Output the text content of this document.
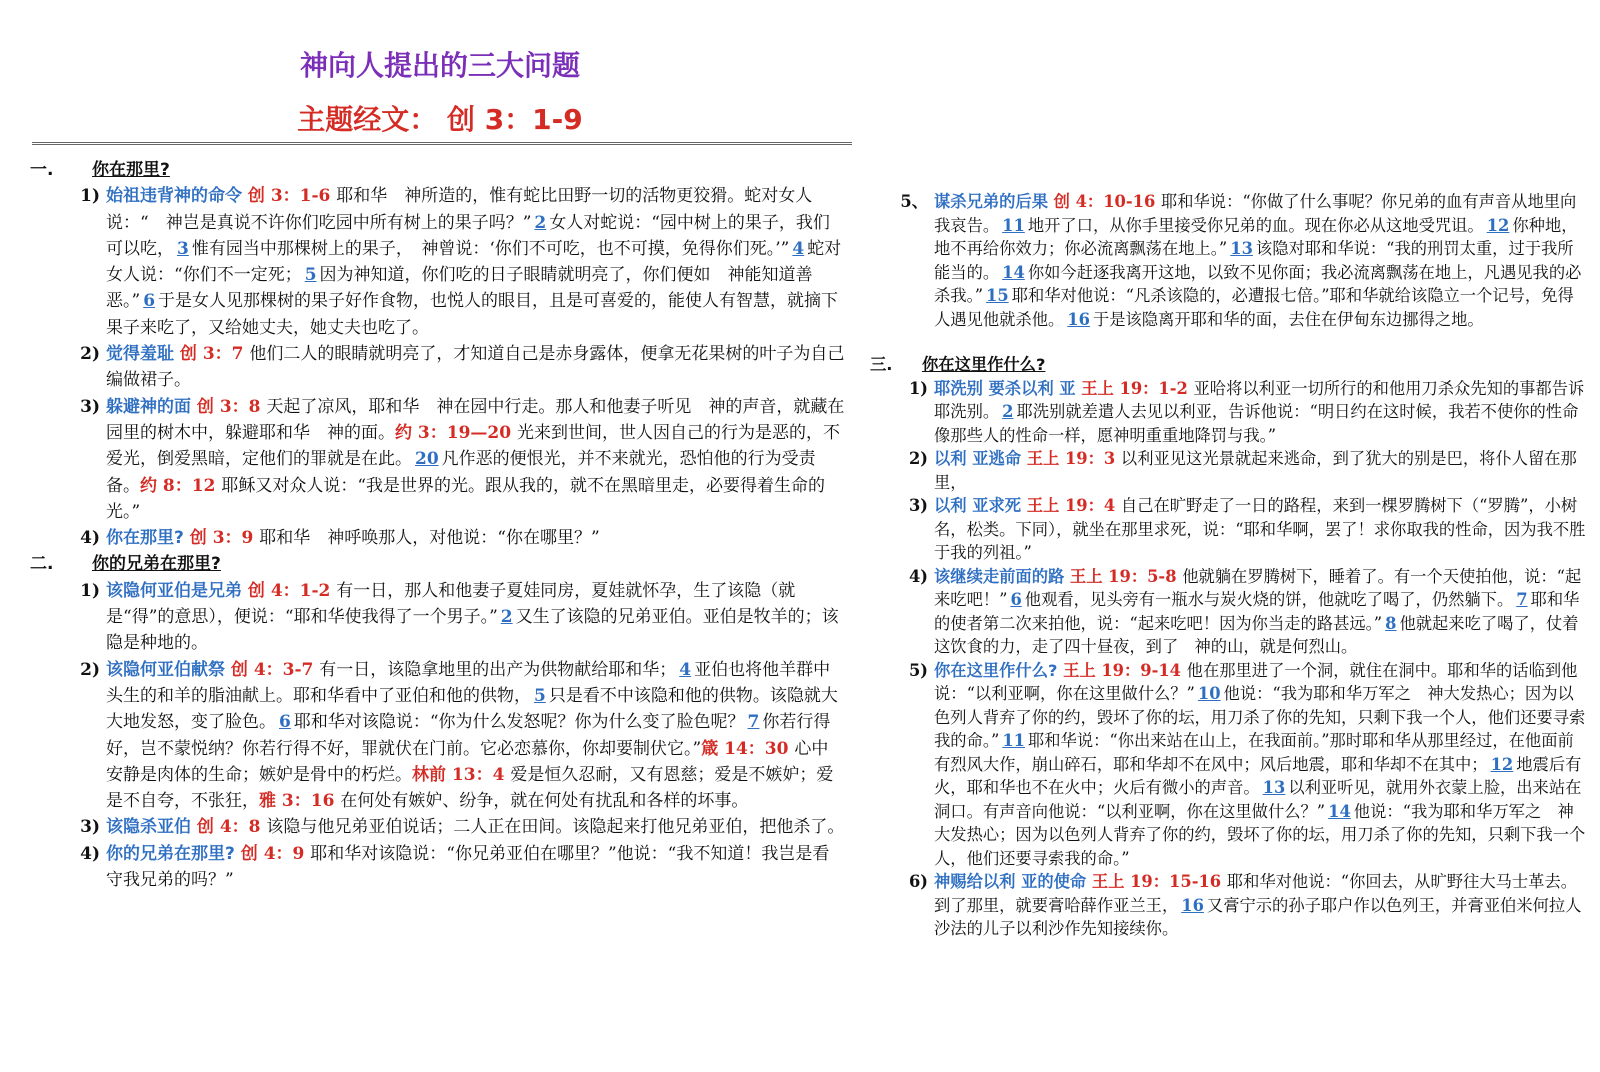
神向人提出的三大问题
主题经文： 创 3：1-9
一.	你在那里?
1) 始祖违背神的命令 创 3：1-6 耶和华　神所造的，惟有蛇比田野一切的活物更狡猾。蛇对女人说：“　神岂是真说不许你们吃园中所有树上的果子吗？” 2 女人对蛇说：“园中树上的果子，我们可以吃， 3 惟有园当中那棵树上的果子，　神曾说：‘你们不可吃，也不可摸，免得你们死。’” 4 蛇对女人说：“你们不一定死； 5 因为神知道，你们吃的日子眼睛就明亮了，你们便如　神能知道善恶。” 6 于是女人见那棵树的果子好作食物，也悦人的眼目，且是可喜爱的，能使人有智慧，就摘下果子来吃了，又给她丈夫，她丈夫也吃了。
2) 觉得羞耻 创 3：7 他们二人的眼睛就明亮了，才知道自己是赤身露体，便拿无花果树的叶子为自己编做裙子。
3) 躲避神的面 创 3：8 天起了凉风，耶和华　神在园中行走。那人和他妻子听见　神的声音，就藏在园里的树木中，躲避耶和华　神的面。约 3：19—20 光来到世间，世人因自己的行为是恶的，不爱光，倒爱黑暗，定他们的罪就是在此。 20 凡作恶的便恨光，并不来就光，恐怕他的行为受责备。约 8：12 耶稣又对众人说：“我是世界的光。跟从我的，就不在黑暗里走，必要得着生命的光。”
4) 你在那里? 创 3：9 耶和华　神呼唤那人，对他说：“你在哪里？”
二.	你的兄弟在那里?
1) 该隐何亚伯是兄弟 创 4：1-2 有一日，那人和他妻子夏娃同房，夏娃就怀孕，生了该隐（就是“得”的意思），便说：“耶和华使我得了一个男子。” 2 又生了该隐的兄弟亚伯。亚伯是牧羊的；该隐是种地的。
2) 该隐何亚伯献祭 创 4：3-7 有一日，该隐拿地里的出产为供物献给耶和华； 4 亚伯也将他羊群中头生的和羊的脂油献上。耶和华看中了亚伯和他的供物， 5 只是看不中该隐和他的供物。该隐就大大地发怒，变了脸色。 6 耶和华对该隐说：“你为什么发怒呢？你为什么变了脸色呢？ 7 你若行得好，岂不蒙悦纳？你若行得不好，罪就伏在门前。它必恋慕你，你却要制伏它。”箴 14：30 心中安静是肉体的生命；嫉妒是骨中的朽烂。林前 13：4 爱是恒久忍耐，又有恩慈；爱是不嫉妒；爱是不自夸，不张狂，雅 3：16 在何处有嫉妒、纷争，就在何处有扰乱和各样的坏事。
3) 该隐杀亚伯 创 4：8 该隐与他兄弟亚伯说话；二人正在田间。该隐起来打他兄弟亚伯，把他杀了。
4) 你的兄弟在那里? 创 4：9 耶和华对该隐说：“你兄弟亚伯在哪里？”他说：“我不知道！我岂是看守我兄弟的吗？”
5、 谋杀兄弟的后果 创 4：10-16 耶和华说：“你做了什么事呢？你兄弟的血有声音从地里向我哀告。 11 地开了口，从你手里接受你兄弟的血。现在你必从这地受咒诅。 12 你种地，地不再给你效力；你必流离飘荡在地上。” 13 该隐对耶和华说：“我的刑罚太重，过于我所能当的。 14 你如今赶逐我离开这地，以致不见你面；我必流离飘荡在地上，凡遇见我的必杀我。” 15 耶和华对他说：“凡杀该隐的，必遭报七倍。”耶和华就给该隐立一个记号，免得人遇见他就杀他。 16 于是该隐离开耶和华的面，去住在伊甸东边挪得之地。
三.	你在这里作什么?
1) 耶洗别 要杀以利 亚 王上 19：1-2 亚哈将以利亚一切所行的和他用刀杀众先知的事都告诉耶洗别。 2 耶洗别就差遣人去见以利亚，告诉他说：“明日约在这时候，我若不使你的性命像那些人的性命一样，愿神明重重地降罚与我。”
2) 以利 亚逃命 王上 19：3 以利亚见这光景就起来逃命，到了犹大的别是巴，将仆人留在那里，
3) 以利 亚求死 王上 19：4 自己在旷野走了一日的路程，来到一棵罗腾树下（“罗腾”，小树名，松类。下同），就坐在那里求死，说：“耶和华啊，罢了！求你取我的性命，因为我不胜于我的列祖。”
4) 该继续走前面的路 王上 19：5-8 他就躺在罗腾树下，睡着了。有一个天使拍他，说：“起来吃吧！” 6 他观看，见头旁有一瓶水与炭火烧的饼，他就吃了喝了，仍然躺下。 7 耶和华的使者第二次来拍他，说：“起来吃吧！因为你当走的路甚远。” 8 他就起来吃了喝了，仗着这饮食的力，走了四十昼夜，到了　神的山，就是何烈山。
5) 你在这里作什么? 王上 19：9-14 他在那里进了一个洞，就住在洞中。耶和华的话临到他说：“以利亚啊，你在这里做什么？” 10 他说：“我为耶和华万军之　神大发热心；因为以色列人背弃了你的约，毁坏了你的坛，用刀杀了你的先知，只剩下我一个人，他们还要寻索我的命。” 11 耶和华说：“你出来站在山上，在我面前。”那时耶和华从那里经过，在他面前有烈风大作，崩山碎石，耶和华却不在风中；风后地震，耶和华却不在其中； 12 地震后有火，耶和华也不在火中；火后有微小的声音。 13 以利亚听见，就用外衣蒙上脸，出来站在洞口。有声音向他说：“以利亚啊，你在这里做什么？” 14 他说：“我为耶和华万军之　神大发热心；因为以色列人背弃了你的约，毁坏了你的坛，用刀杀了你的先知，只剩下我一个人，他们还要寻索我的命。”
6) 神赐给以利 亚的使命 王上 19：15-16 耶和华对他说：“你回去，从旷野往大马士革去。到了那里，就要膏哈薛作亚兰王， 16 又膏宁示的孙子耶户作以色列王，并膏亚伯米何拉人沙法的儿子以利沙作先知接续你。
